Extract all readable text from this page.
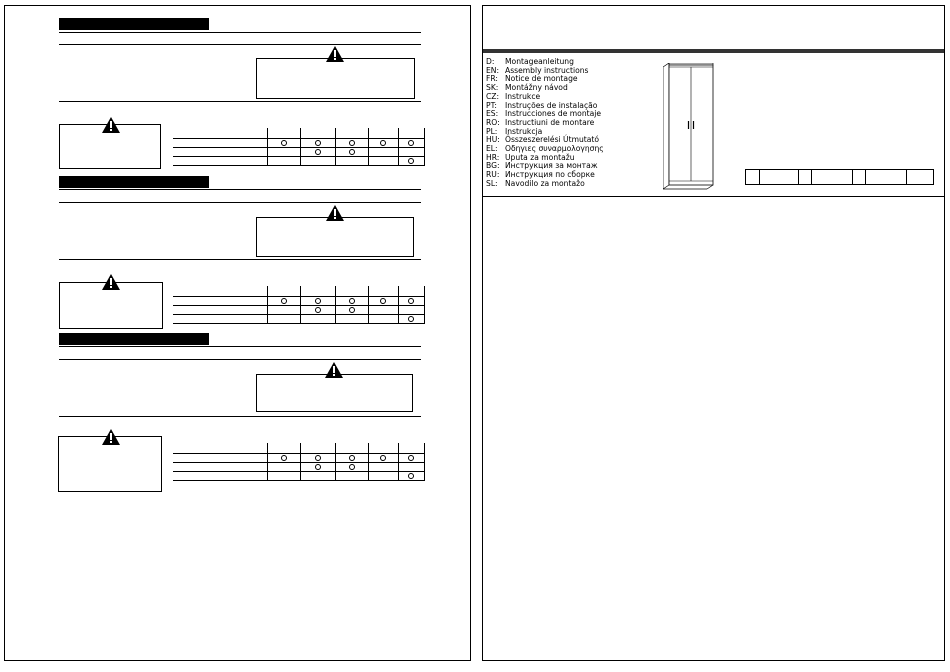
D:	Montageanleitung
EN: Assembly instructions
FR: Notice de montage
SK: Montážny návod
CZ: Instrukce
PT:	Instruções de instalação
ES: Instrucciones de montaje
RO: Instructiuni de montare
PL:	Instrukcja
HU: Összeszerelési Útmutató
EL: Οδηγιες συναρμολογησης
HR: Uputa za montažu
BG: Инструкция за монтаж
RU: Инструкция по сборке
SL: Navodilo za montažo
